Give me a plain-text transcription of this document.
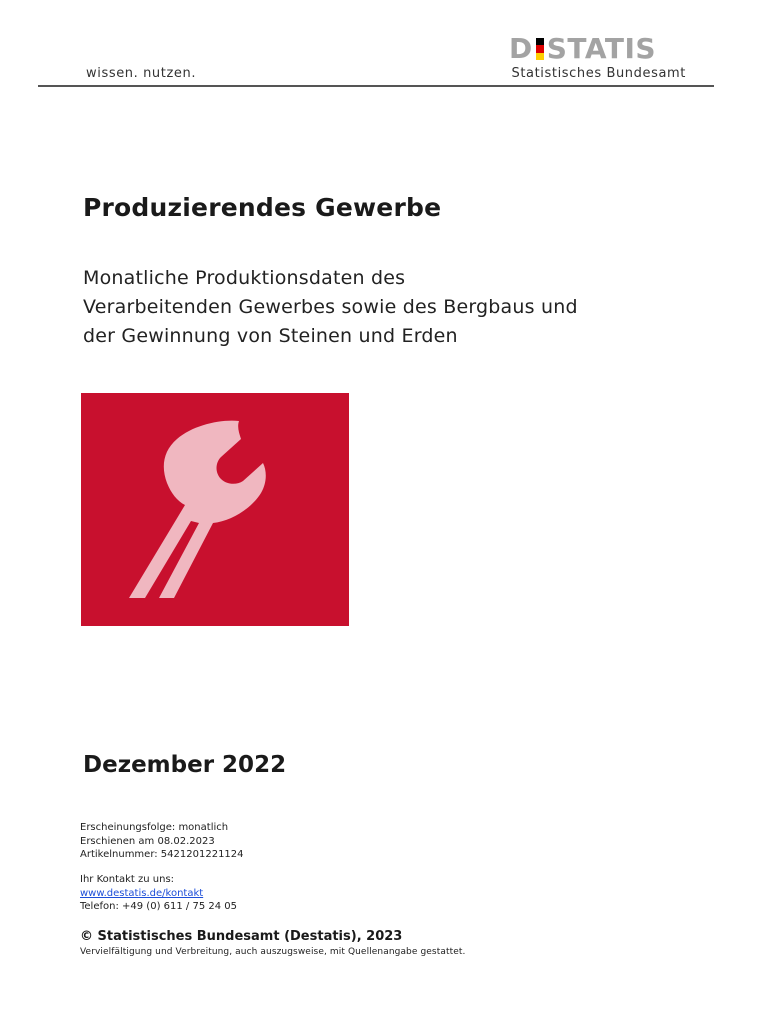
D STATIS
wissen. nutzen.	Statistisches Bundesamt
Produzierendes Gewerbe
Monatliche Produktionsdaten des
Verarbeitenden Gewerbes sowie des Bergbaus und
der Gewinnung von Steinen und Erden
Dezember 2022
Erscheinungsfolge: monatlich
Erschienen am 08.02.2023
Artikelnummer: 5421201221124
Ihr Kontakt zu uns:
www.destatis.de/kontakt
Telefon: +49 (0) 611 / 75 24 05
© Statistisches Bundesamt (Destatis), 2023
Vervielfältigung und Verbreitung, auch auszugsweise, mit Quellenangabe gestattet.
